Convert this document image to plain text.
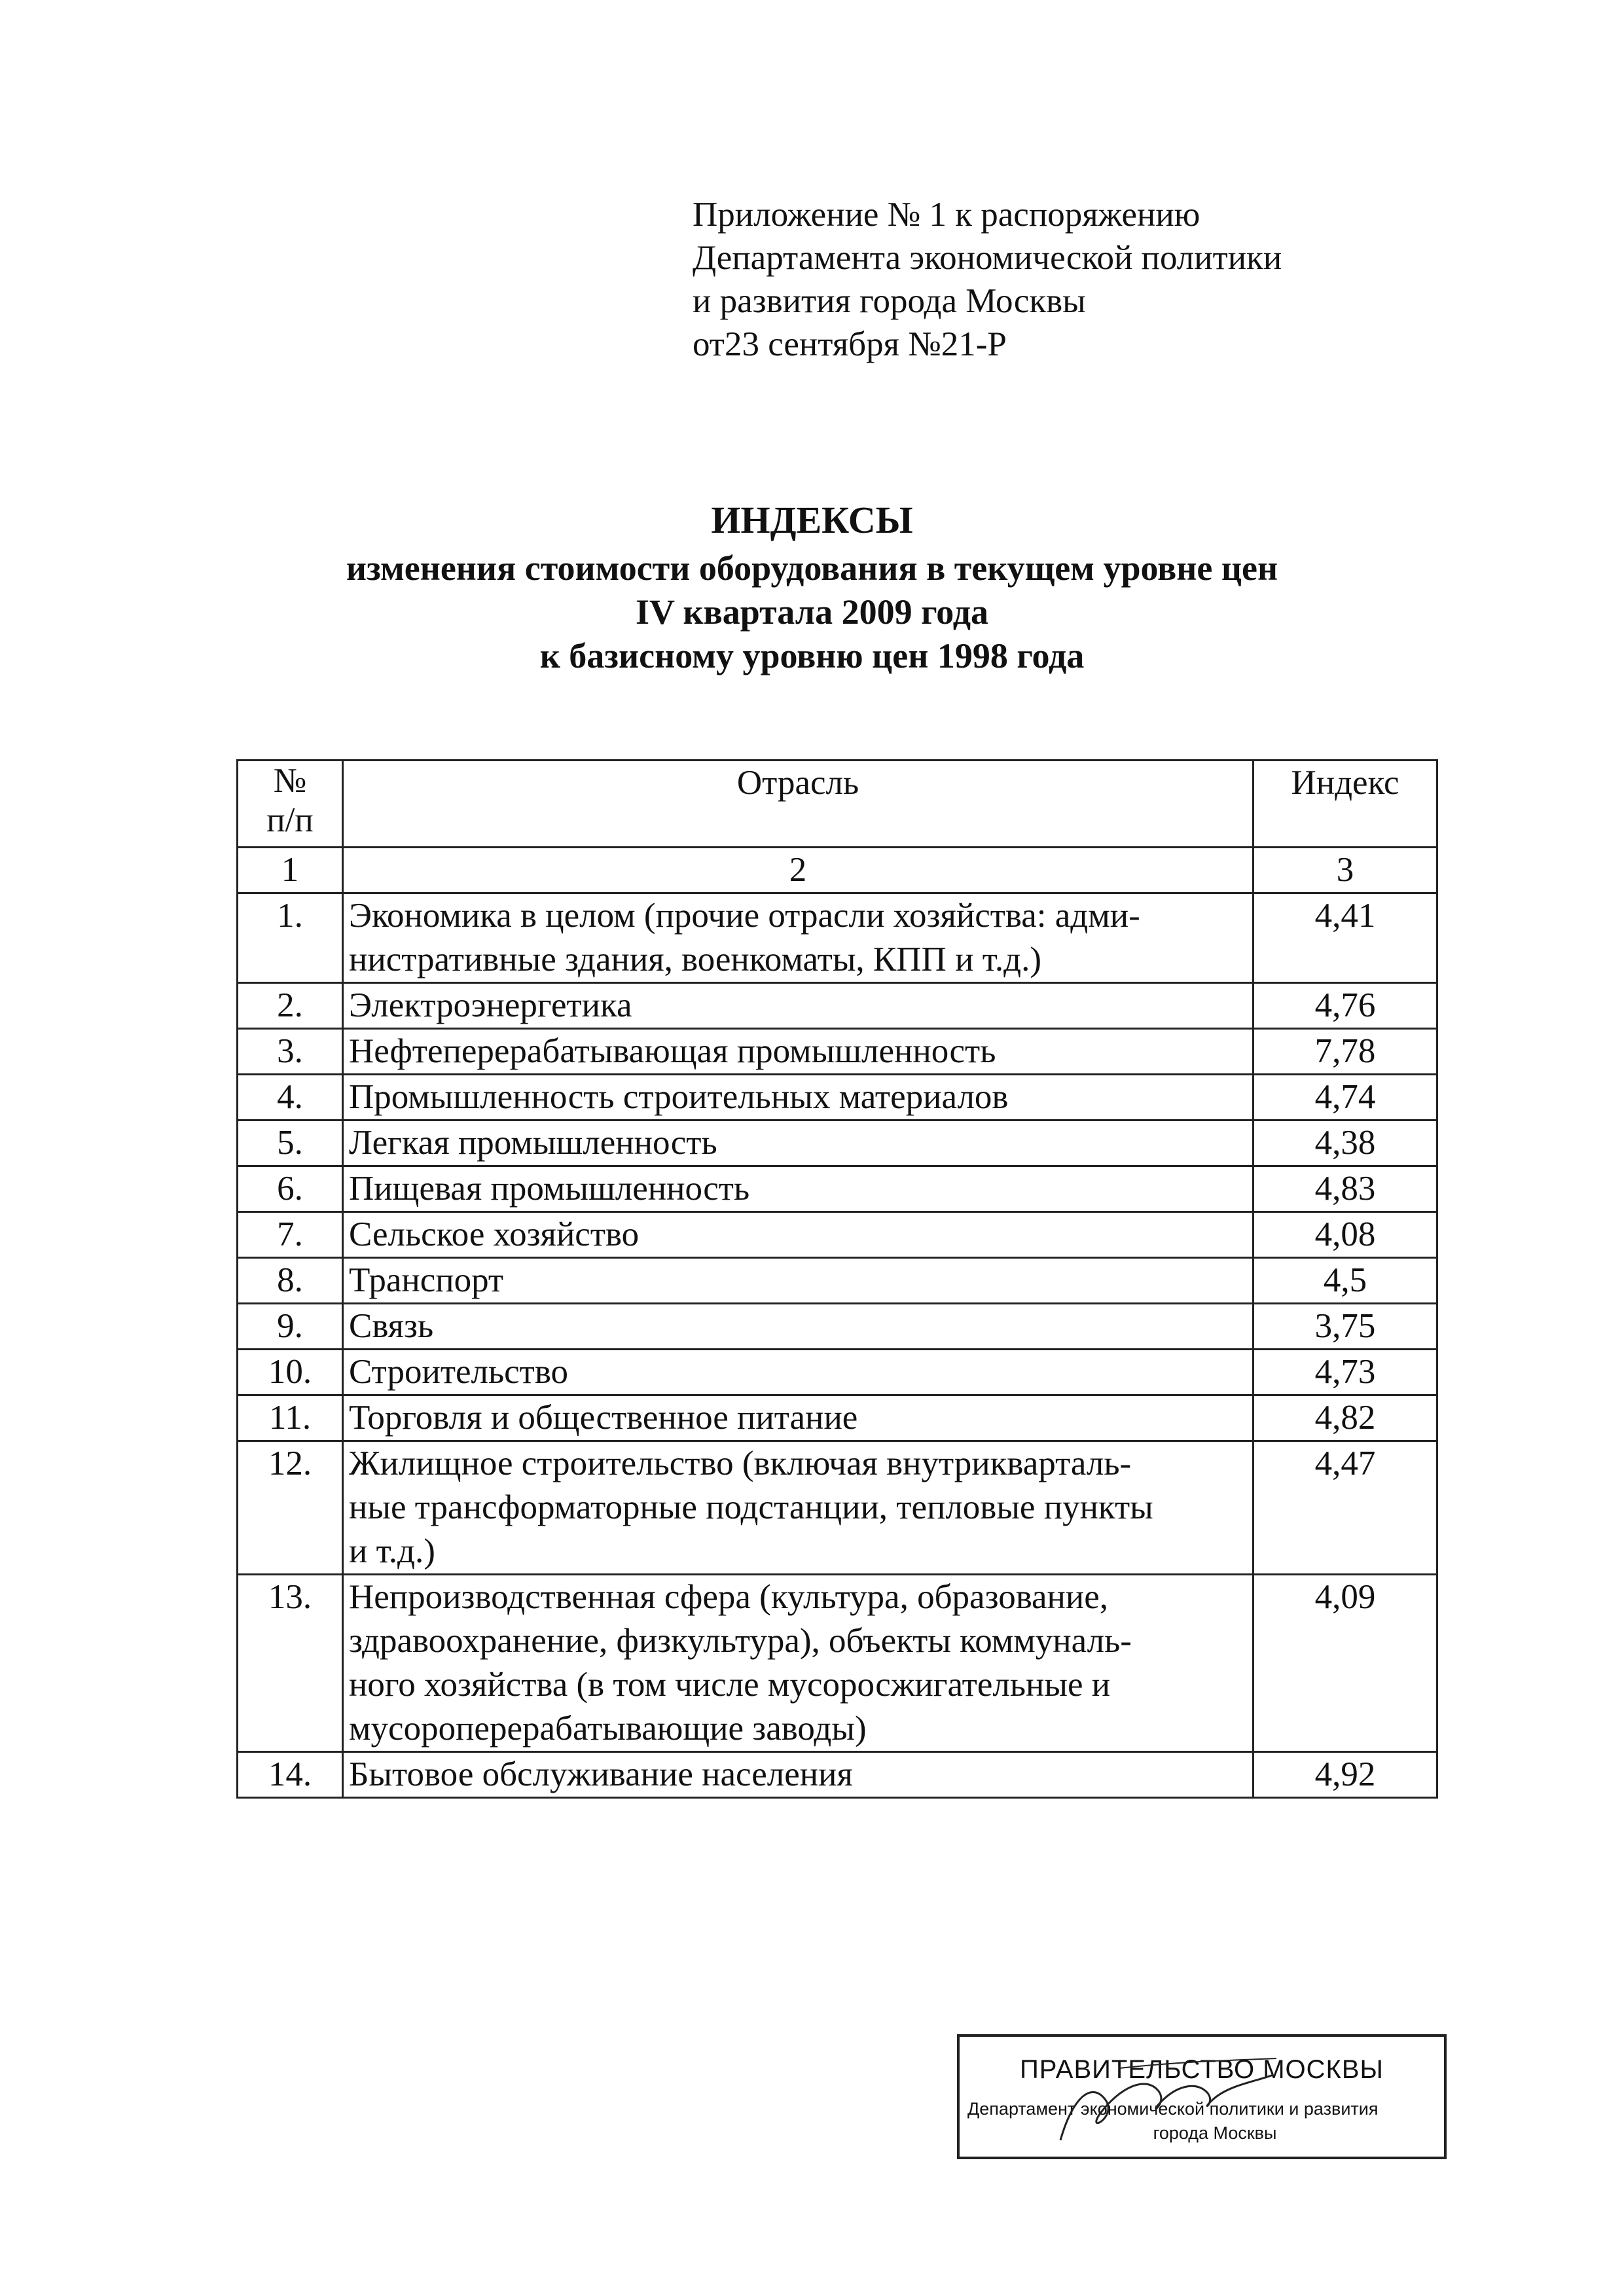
Приложение № 1 к распоряжению
Департамента экономической политики
и развития города Москвы
от23 сентября №21-Р
ИНДЕКСЫ
изменения стоимости оборудования в текущем уровне цен
IV квартала 2009 года
к базисному уровню цен 1998 года
№
п/п	Отрасль	Индекс
1	2	3
1.	Экономика в целом (прочие отрасли хозяйства: адми-
нистративные здания, военкоматы, КПП и т.д.)	4,41
2.	Электроэнергетика	4,76
3.	Нефтеперерабатывающая промышленность	7,78
4.	Промышленность строительных материалов	4,74
5.	Легкая промышленность	4,38
6.	Пищевая промышленность	4,83
7.	Сельское хозяйство	4,08
8.	Транспорт	4,5
9.	Связь	3,75
10.	Строительство	4,73
11.	Торговля и общественное питание	4,82
12.	Жилищное строительство (включая внутрикварталь-
ные трансформаторные подстанции, тепловые пункты
и т.д.)	4,47
13.	Непроизводственная сфера (культура, образование,
здравоохранение, физкультура), объекты коммуналь-
ного хозяйства (в том числе мусоросжигательные и
мусороперерабатывающие заводы)	4,09
14.	Бытовое обслуживание населения	4,92
ПРАВИТЕЛЬСТВО МОСКВЫ
Департамент экономической политики и развития
города Москвы
